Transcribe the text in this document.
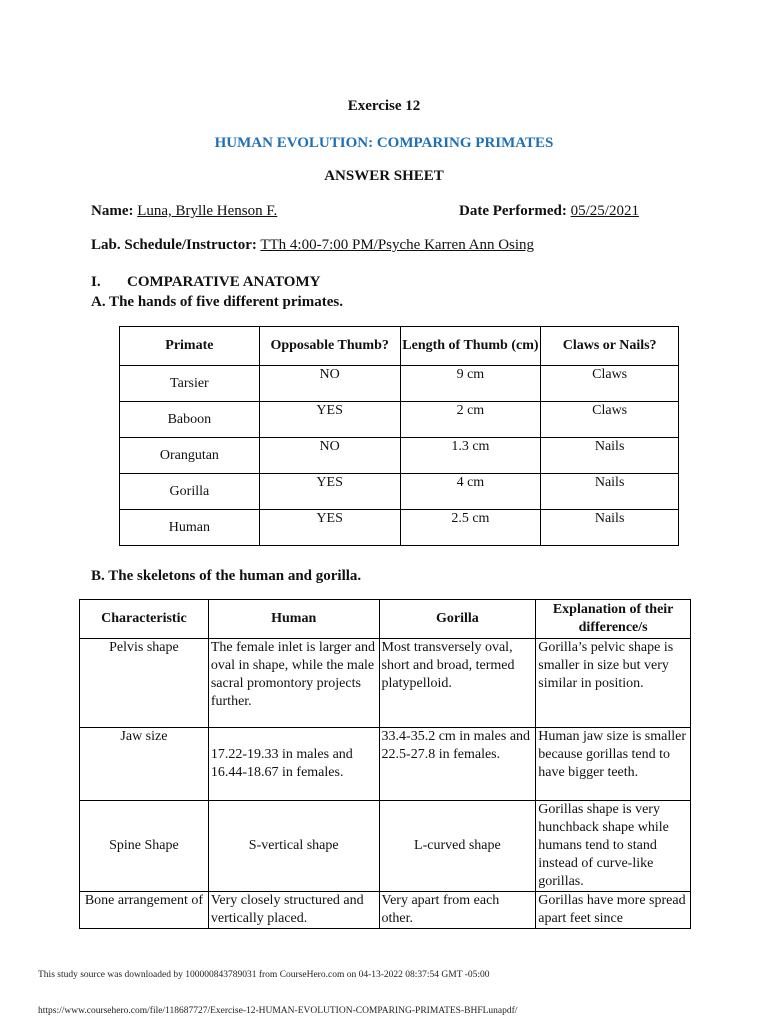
Exercise 12
HUMAN EVOLUTION: COMPARING PRIMATES
ANSWER SHEET
Name: Luna, Brylle Henson F.	Date Performed: 05/25/2021
Lab. Schedule/Instructor: TTh 4:00-7:00 PM/Psyche Karren Ann Osing
I. COMPARATIVE ANATOMY
A. The hands of five different primates.
Primate	Opposable Thumb?	Length of Thumb (cm)	Claws or Nails?
Tarsier	NO	9 cm	Claws
Baboon	YES	2 cm	Claws
Orangutan	NO	1.3 cm	Nails
Gorilla	YES	4 cm	Nails
Human	YES	2.5 cm	Nails
B. The skeletons of the human and gorilla.
Characteristic	Human	Gorilla	Explanation of their difference/s
Pelvis shape	The female inlet is larger and oval in shape, while the male sacral promontory projects further.	Most transversely oval, short and broad, termed platypelloid.	Gorilla’s pelvic shape is smaller in size but very similar in position.
Jaw size	17.22-19.33 in males and 16.44-18.67 in females.	33.4-35.2 cm in males and 22.5-27.8 in females.	Human jaw size is smaller because gorillas tend to have bigger teeth.
Spine Shape	S-vertical shape	L-curved shape	Gorillas shape is very hunchback shape while humans tend to stand instead of curve-like gorillas.
Bone arrangement of	Very closely structured and vertically placed.	Very apart from each other.	Gorillas have more spread apart feet since
This study source was downloaded by 100000843789031 from CourseHero.com on 04-13-2022 08:37:54 GMT -05:00
https://www.coursehero.com/file/118687727/Exercise-12-HUMAN-EVOLUTION-COMPARING-PRIMATES-BHFLunapdf/
